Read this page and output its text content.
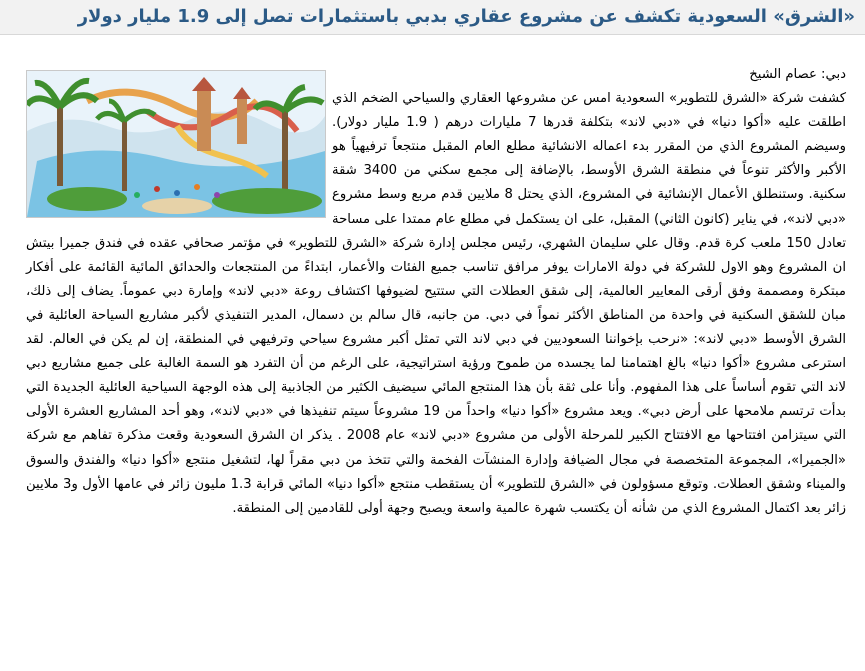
«الشرق» السعودية تكشف عن مشروع عقاري بدبي باستثمارات تصل إلى 1.9 مليار دولار

دبي: عصام الشيخ

كشفت شركة «الشرق للتطوير» السعودية امس عن مشروعها العقاري والسياحي الضخم الذي اطلقت عليه «أكوا دنيا» في «دبي لاند» بتكلفة قدرها 7 مليارات درهم ( 1.9 مليار دولار). وسيضم المشروع الذي من المقرر بدء اعماله الانشائية مطلع العام المقبل منتجعاً ترفيهياً هو الأكبر والأكثر تنوعاً في منطقة الشرق الأوسط، بالإضافة إلى مجمع سكني من 3400 شقة سكنية. وستنطلق الأعمال الإنشائية في المشروع، الذي يحتل 8 ملايين قدم مربع وسط مشروع «دبي لاند»، في يناير (كانون الثاني) المقبل، على ان يستكمل في مطلع عام ممتدا على مساحة تعادل 150 ملعب كرة قدم. وقال علي سليمان الشهري، رئيس مجلس إدارة شركة «الشرق للتطوير» في مؤتمر صحافي عقده في فندق جميرا بيتش ان المشروع وهو الاول للشركة في دولة الامارات يوفر مرافق تناسب جميع الفئات والأعمار، ابتداءً من المنتجعات والحدائق المائية القائمة على أفكار مبتكرة ومصممة وفق أرقى المعايير العالمية، إلى شقق العطلات التي ستتيح لضيوفها اكتشاف روعة «دبي لاند» وإمارة دبي عموماً. يضاف إلى ذلك، مبان للشقق السكنية في واحدة من المناطق الأكثر نمواً في دبي. من جانبه، قال سالم بن دسمال، المدير التنفيذي لأكبر مشاريع السياحة العائلية في الشرق الأوسط «دبي لاند»: «نرحب بإخواننا السعوديين في دبي لاند التي تمثل أكبر مشروع سياحي وترفيهي في المنطقة، إن لم يكن في العالم. لقد استرعى مشروع «أكوا دنيا» بالغ اهتمامنا لما يجسده من طموح ورؤية استراتيجية، على الرغم من أن التفرد هو السمة الغالبة على جميع مشاريع دبي لاند التي تقوم أساساً على هذا المفهوم. وأنا على ثقة بأن هذا المنتجع المائي سيضيف الكثير من الجاذبية إلى هذه الوجهة السياحية العائلية الجديدة التي بدأت ترتسم ملامحها على أرض دبي». ويعد مشروع «أكوا دنيا» واحداً من 19 مشروعاً سيتم تنفيذها في «دبي لاند»، وهو أحد المشاريع العشرة الأولى التي سيتزامن افتتاحها مع الافتتاح الكبير للمرحلة الأولى من مشروع «دبي لاند» عام 2008 . يذكر ان الشرق السعودية وقعت مذكرة تفاهم مع شركة «الجميرا»، المجموعة المتخصصة في مجال الضيافة وإدارة المنشآت الفخمة والتي تتخذ من دبي مقراً لها، لتشغيل منتجع «أكوا دنيا» والفندق والسوق والميناء وشقق العطلات. وتوقع مسؤولون في «الشرق للتطوير» أن يستقطب منتجع «أكوا دنيا» المائي قرابة 1.3 مليون زائر في عامها الأول و3 ملايين زائر بعد اكتمال المشروع الذي من شأنه أن يكتسب شهرة عالمية واسعة ويصبح وجهة أولى للقادمين إلى المنطقة.
